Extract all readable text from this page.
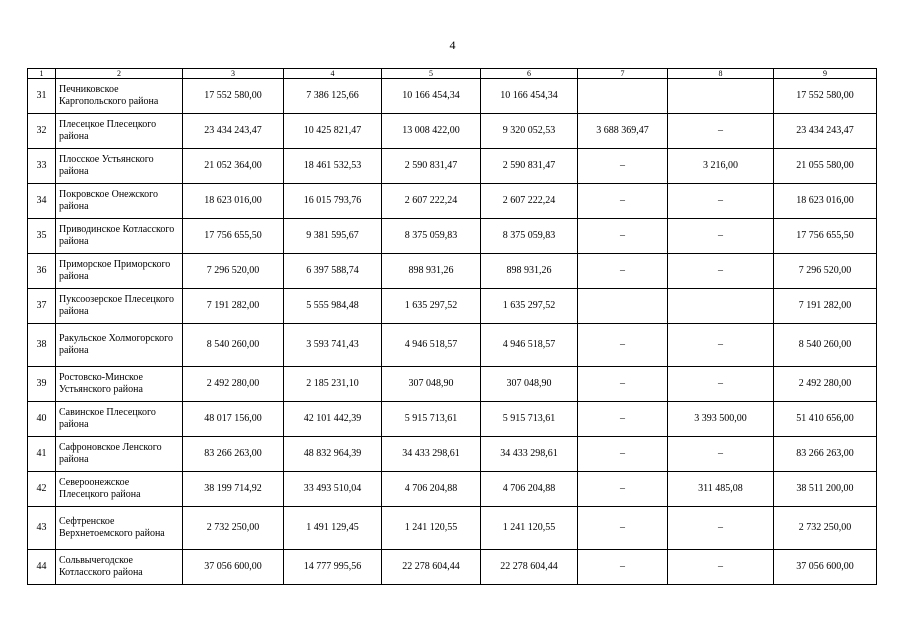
4
1	2	3	4	5	6	7	8	9
31	Печниковское Каргопольского района	17 552 580,00	7 386 125,66	10 166 454,34	10 166 454,34			17 552 580,00
32	Плесецкое Плесецкого района	23 434 243,47	10 425 821,47	13 008 422,00	9 320 052,53	3 688 369,47	–	23 434 243,47
33	Плосское Устьянского района	21 052 364,00	18 461 532,53	2 590 831,47	2 590 831,47	–	3 216,00	21 055 580,00
34	Покровское Онежского района	18 623 016,00	16 015 793,76	2 607 222,24	2 607 222,24	–	–	18 623 016,00
35	Приводинское Котласского района	17 756 655,50	9 381 595,67	8 375 059,83	8 375 059,83	–	–	17 756 655,50
36	Приморское Приморского района	7 296 520,00	6 397 588,74	898 931,26	898 931,26	–	–	7 296 520,00
37	Пуксоозерское Плесецкого района	7 191 282,00	5 555 984,48	1 635 297,52	1 635 297,52			7 191 282,00
38	Ракульское Холмогорского района	8 540 260,00	3 593 741,43	4 946 518,57	4 946 518,57	–	–	8 540 260,00
39	Ростовско-Минское Устьянского района	2 492 280,00	2 185 231,10	307 048,90	307 048,90	–	–	2 492 280,00
40	Савинское Плесецкого района	48 017 156,00	42 101 442,39	5 915 713,61	5 915 713,61	–	3 393 500,00	51 410 656,00
41	Сафроновское Ленского района	83 266 263,00	48 832 964,39	34 433 298,61	34 433 298,61	–	–	83 266 263,00
42	Североонежское Плесецкого района	38 199 714,92	33 493 510,04	4 706 204,88	4 706 204,88	–	311 485,08	38 511 200,00
43	Сефтренское Верхнетоемского района	2 732 250,00	1 491 129,45	1 241 120,55	1 241 120,55	–	–	2 732 250,00
44	Сольвычегодское Котласского района	37 056 600,00	14 777 995,56	22 278 604,44	22 278 604,44	–	–	37 056 600,00
